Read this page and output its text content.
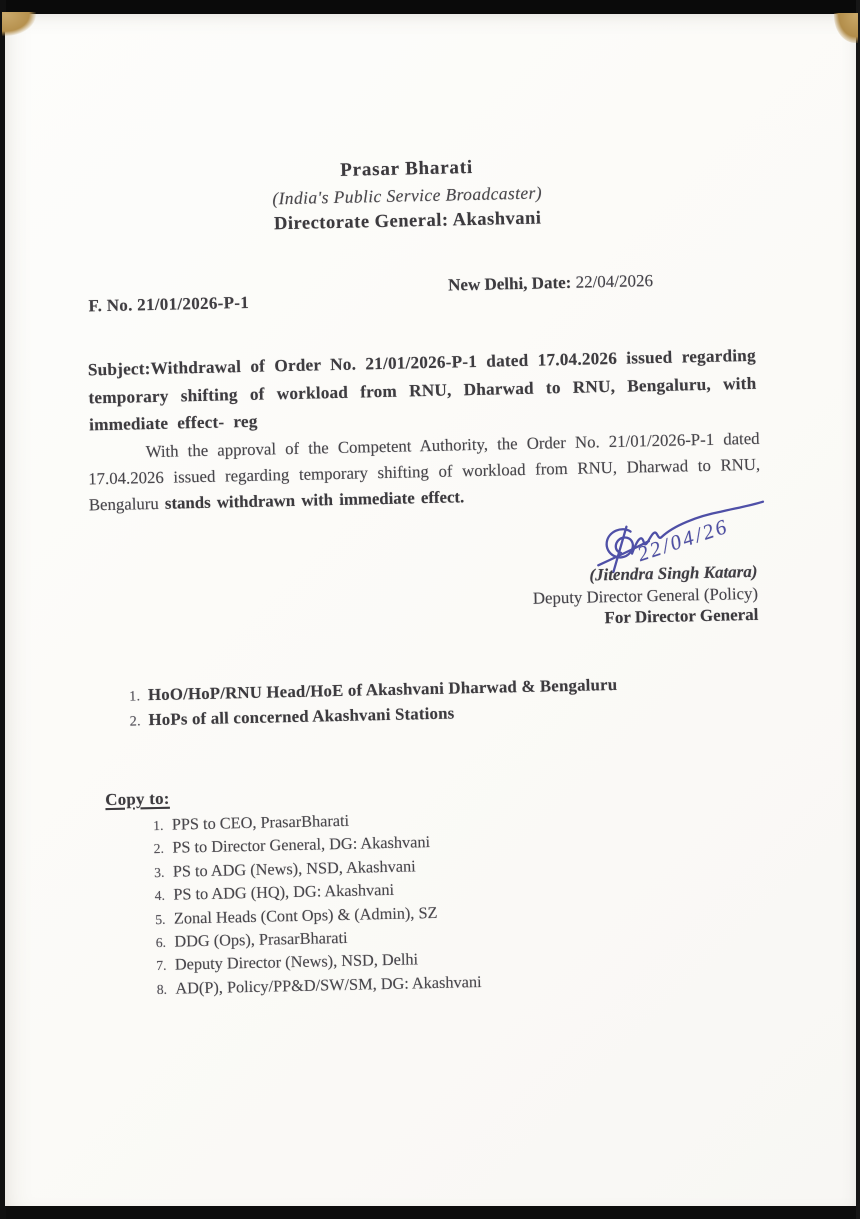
Prasar Bharati
(India's Public Service Broadcaster)
Directorate General: Akashvani
F. No. 21/01/2026-P-1
New Delhi, Date: 22/04/2026
Subject:Withdrawal of Order No. 21/01/2026-P-1 dated 17.04.2026 issued regarding temporary shifting of workload from RNU, Dharwad to RNU, Bengaluru, with immediate effect- reg
With the approval of the Competent Authority, the Order No. 21/01/2026-P-1 dated 17.04.2026 issued regarding temporary shifting of workload from RNU, Dharwad to RNU, Bengaluru stands withdrawn with immediate effect.
22/04/26
(Jitendra Singh Katara)
Deputy Director General (Policy)
For Director General
1. HoO/HoP/RNU Head/HoE of Akashvani Dharwad & Bengaluru
2. HoPs of all concerned Akashvani Stations
Copy to:
1. PPS to CEO, PrasarBharati
2. PS to Director General, DG: Akashvani
3. PS to ADG (News), NSD, Akashvani
4. PS to ADG (HQ), DG: Akashvani
5. Zonal Heads (Cont Ops) & (Admin), SZ
6. DDG (Ops), PrasarBharati
7. Deputy Director (News), NSD, Delhi
8. AD(P), Policy/PP&D/SW/SM, DG: Akashvani
